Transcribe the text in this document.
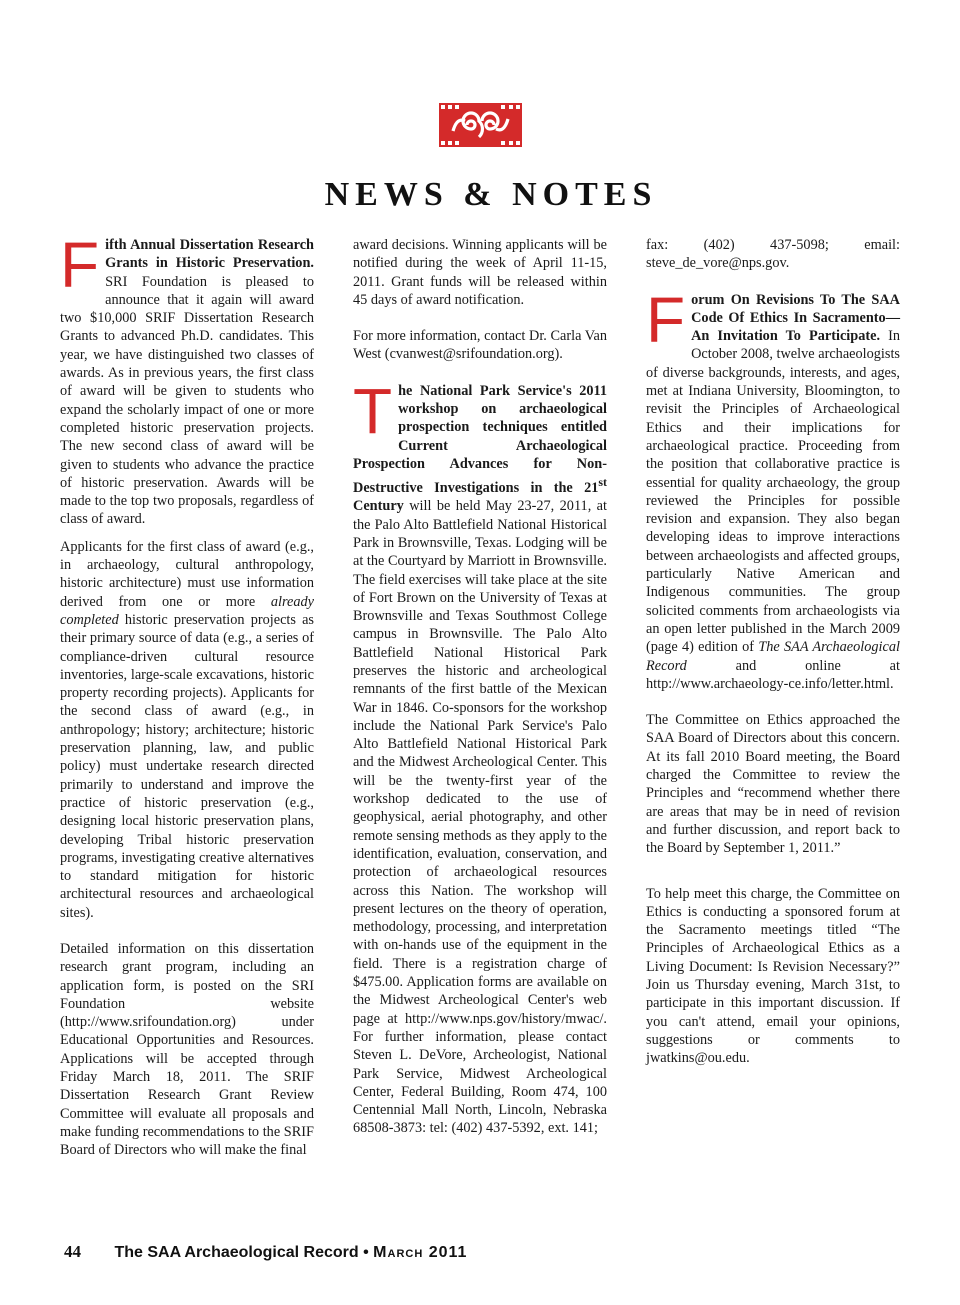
NEWS & NOTES

F ifth Annual Dissertation Research Grants in Historic Preservation. SRI Foundation is pleased to announce that it again will award two $10,000 SRIF Dissertation Research Grants to advanced Ph.D. candidates. This year, we have distinguished two classes of awards. As in previous years, the first class of award will be given to students who expand the scholarly impact of one or more completed historic preservation projects. The new second class of award will be given to students who advance the practice of historic preservation. Awards will be made to the top two proposals, regardless of class of award.

Applicants for the first class of award (e.g., in archaeology, cultural anthropology, historic architecture) must use information derived from one or more already completed historic preservation projects as their primary source of data (e.g., a series of compliance-driven cultural resource inventories, large-scale excavations, historic property recording projects). Applicants for the second class of award (e.g., in anthropology; history; architecture; historic preservation planning, law, and public policy) must undertake research directed primarily to understand and improve the practice of historic preservation (e.g., designing local historic preservation plans, developing Tribal historic preservation programs, investigating creative alternatives to standard mitigation for historic architectural resources and archaeological sites).

Detailed information on this dissertation research grant program, including an application form, is posted on the SRI Foundation website (http://www.srifoundation.org) under Educational Opportunities and Resources. Applications will be accepted through Friday March 18, 2011. The SRIF Dissertation Research Grant Review Committee will evaluate all proposals and make funding recommendations to the SRIF Board of Directors who will make the final

award decisions. Winning applicants will be notified during the week of April 11-15, 2011. Grant funds will be released within 45 days of award notification.

For more information, contact Dr. Carla Van West (cvanwest@srifoundation.org).

T he National Park Service's 2011 workshop on archaeological prospection techniques entitled Current Archaeological Prospection Advances for Non-Destructive Investigations in the 21st Century will be held May 23-27, 2011, at the Palo Alto Battlefield National Historical Park in Brownsville, Texas. Lodging will be at the Courtyard by Marriott in Brownsville. The field exercises will take place at the site of Fort Brown on the University of Texas at Brownsville and Texas Southmost College campus in Brownsville. The Palo Alto Battlefield National Historical Park preserves the historic and archeological remnants of the first battle of the Mexican War in 1846. Co-sponsors for the workshop include the National Park Service's Palo Alto Battlefield National Historical Park and the Midwest Archeological Center. This will be the twenty-first year of the workshop dedicated to the use of geophysical, aerial photography, and other remote sensing methods as they apply to the identification, evaluation, conservation, and protection of archaeological resources across this Nation. The workshop will present lectures on the theory of operation, methodology, processing, and interpretation with on-hands use of the equipment in the field. There is a registration charge of $475.00. Application forms are available on the Midwest Archeological Center's web page at http://www.nps.gov/history/mwac/. For further information, please contact Steven L. DeVore, Archeologist, National Park Service, Midwest Archeological Center, Federal Building, Room 474, 100 Centennial Mall North, Lincoln, Nebraska 68508-3873: tel: (402) 437-5392, ext. 141;

fax: (402) 437-5098; email: steve_de_vore@nps.gov.

F orum On Revisions To The SAA Code Of Ethics In Sacramento—An Invitation To Participate. In October 2008, twelve archaeologists of diverse backgrounds, interests, and ages, met at Indiana University, Bloomington, to revisit the Principles of Archaeological Ethics and their implications for archaeological practice. Proceeding from the position that collaborative practice is essential for quality archaeology, the group reviewed the Principles for possible revision and expansion. They also began developing ideas to improve interactions between archaeologists and affected groups, particularly Native American and Indigenous communities. The group solicited comments from archaeologists via an open letter published in the March 2009 (page 4) edition of The SAA Archaeological Record and online at http://www.archaeology-ce.info/letter.html.

The Committee on Ethics approached the SAA Board of Directors about this concern. At its fall 2010 Board meeting, the Board charged the Committee to review the Principles and “recommend whether there are areas that may be in need of revision and further discussion, and report back to the Board by September 1, 2011.”

To help meet this charge, the Committee on Ethics is conducting a sponsored forum at the Sacramento meetings titled “The Principles of Archaeological Ethics as a Living Document: Is Revision Necessary?” Join us Thursday evening, March 31st, to participate in this important discussion. If you can't attend, email your opinions, suggestions or comments to jwatkins@ou.edu.

44 The SAA Archaeological Record • March 2011
